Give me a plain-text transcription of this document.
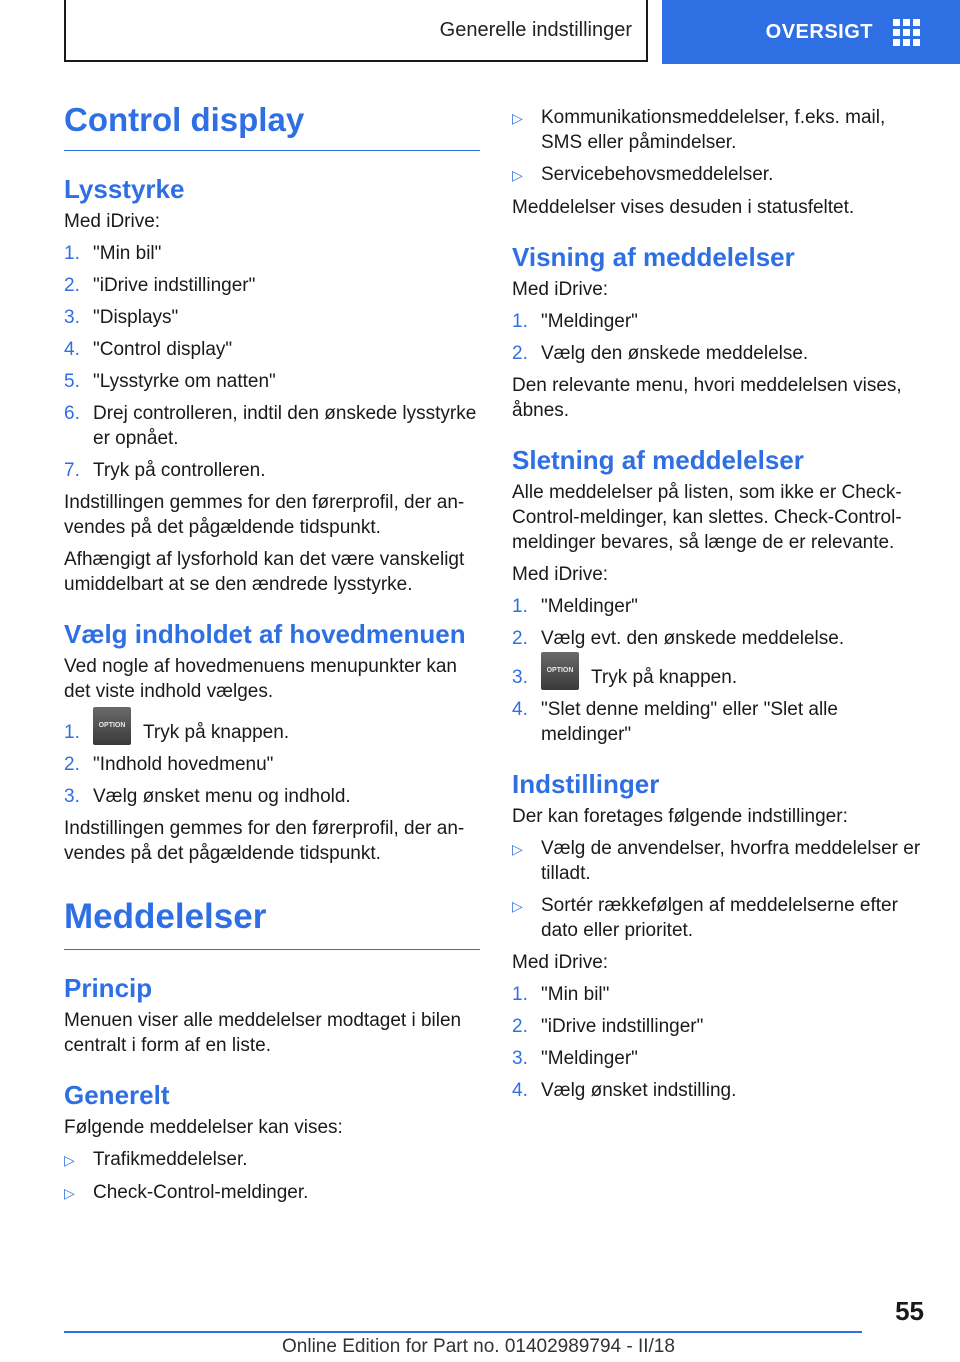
Generelle indstillinger	OVERSIGT
Control display
Lysstyrke

Med iDrive:

1. "Min bil"
2. "iDrive indstillinger"
3. "Displays"
4. "Control display"
5. "Lysstyrke om natten"
6. Drej controlleren, indtil den ønskede lysstyrke er opnået.
7. Tryk på controlleren.

Indstillingen gemmes for den førerprofil, der anvendes på det pågældende tidspunkt.

Afhængigt af lysforhold kan det være vanskeligt umiddelbart at se den ændrede lysstyrke.

Vælg indholdet af hovedmenuen

Ved nogle af hovedmenuens menupunkter kan det viste indhold vælges.

1.	OPTION Tryk på knappen.
2. "Indhold hovedmenu"
3. Vælg ønsket menu og indhold.

Indstillingen gemmes for den førerprofil, der anvendes på det pågældende tidspunkt.

Meddelelser
Princip

Menuen viser alle meddelelser modtaget i bilen centralt i form af en liste.

Generelt

Følgende meddelelser kan vises:

▷ Trafikmeddelelser.
▷ Check-Control-meldinger.
▷ Kommunikationsmeddelelser, f.eks. mail, SMS eller påmindelser.
▷ Servicebehovsmeddelelser.

Meddelelser vises desuden i statusfeltet.

Visning af meddelelser

Med iDrive:

1. "Meldinger"
2. Vælg den ønskede meddelelse.

Den relevante menu, hvori meddelelsen vises, åbnes.

Sletning af meddelelser

Alle meddelelser på listen, som ikke er Check-Control-meldinger, kan slettes. Check-Control-meldinger bevares, så længe de er relevante.

Med iDrive:

1. "Meldinger"
2. Vælg evt. den ønskede meddelelse.
3.	OPTION Tryk på knappen.
4. "Slet denne melding" eller "Slet alle meldinger"
Indstillinger

Der kan foretages følgende indstillinger:

▷ Vælg de anvendelser, hvorfra meddelelser er tilladt.
▷ Sortér rækkefølgen af meddelelserne efter dato eller prioritet.

Med iDrive:

1. "Min bil"
2. "iDrive indstillinger"
3. "Meldinger"
4. Vælg ønsket indstilling.
55
Online Edition for Part no. 01402989794 - II/18
